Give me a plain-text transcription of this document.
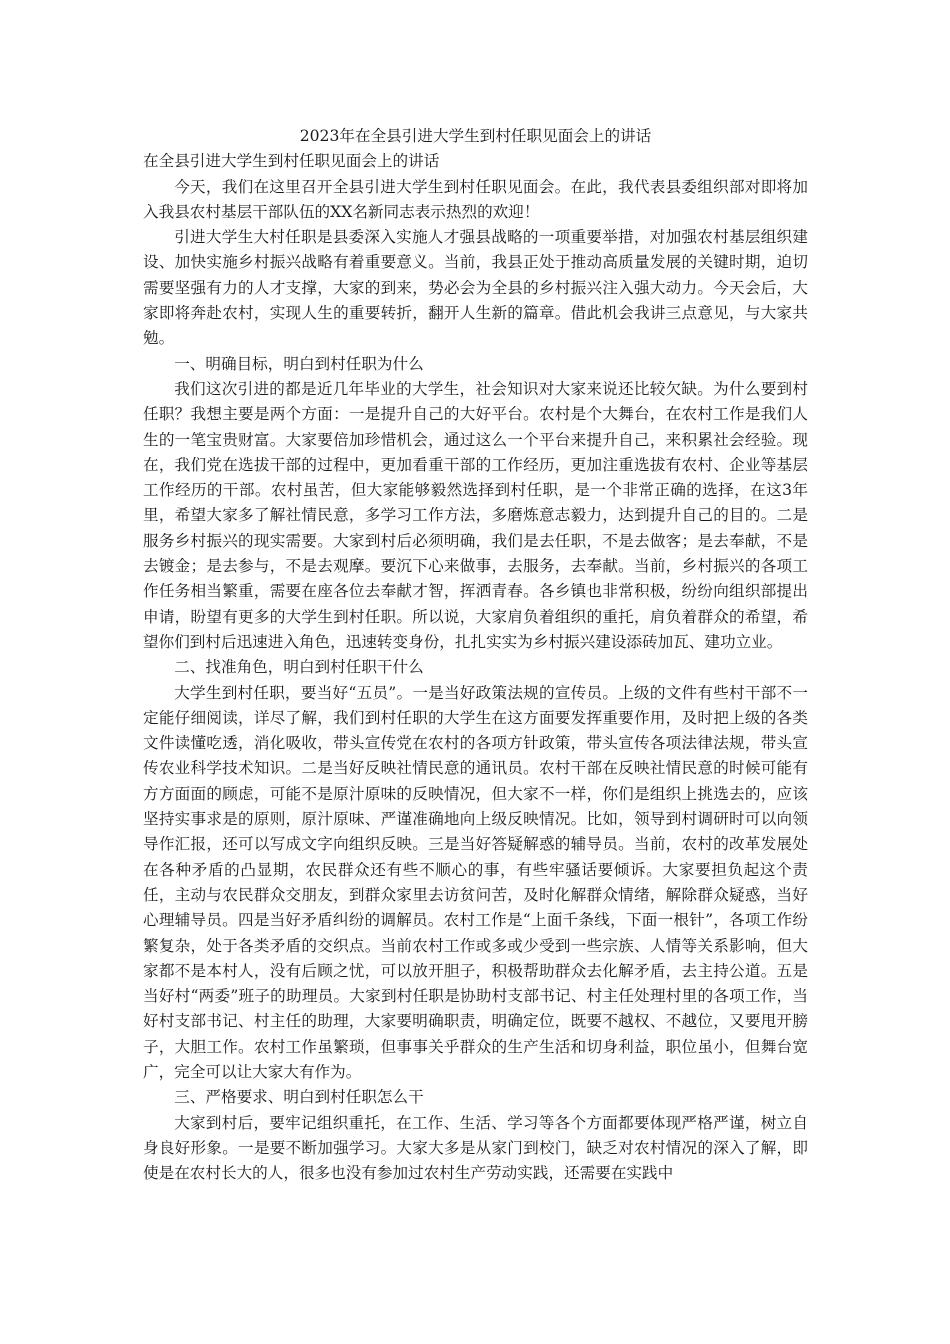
2023年在全县引进大学生到村任职见面会上的讲话
在全县引进大学生到村任职见面会上的讲话

今天，我们在这里召开全县引进大学生到村任职见面会。在此，我代表县委组织部对即将加入我县农村基层干部队伍的XX名新同志表示热烈的欢迎！

引进大学生大村任职是县委深入实施人才强县战略的一项重要举措，对加强农村基层组织建设、加快实施乡村振兴战略有着重要意义。当前，我县正处于推动高质量发展的关键时期，迫切需要坚强有力的人才支撑，大家的到来，势必会为全县的乡村振兴注入强大动力。今天会后，大家即将奔赴农村，实现人生的重要转折，翻开人生新的篇章。借此机会我讲三点意见，与大家共勉。

一、明确目标，明白到村任职为什么

我们这次引进的都是近几年毕业的大学生，社会知识对大家来说还比较欠缺。为什么要到村任职？我想主要是两个方面：一是提升自己的大好平台。农村是个大舞台，在农村工作是我们人生的一笔宝贵财富。大家要倍加珍惜机会，通过这么一个平台来提升自己，来积累社会经验。现在，我们党在选拔干部的过程中，更加看重干部的工作经历，更加注重选拔有农村、企业等基层工作经历的干部。农村虽苦，但大家能够毅然选择到村任职，是一个非常正确的选择，在这3年里，希望大家多了解社情民意，多学习工作方法，多磨炼意志毅力，达到提升自己的目的。二是服务乡村振兴的现实需要。大家到村后必须明确，我们是去任职，不是去做客；是去奉献，不是去镀金；是去参与，不是去观摩。要沉下心来做事，去服务，去奉献。当前，乡村振兴的各项工作任务相当繁重，需要在座各位去奉献才智，挥洒青春。各乡镇也非常积极，纷纷向组织部提出申请，盼望有更多的大学生到村任职。所以说，大家肩负着组织的重托，肩负着群众的希望，希望你们到村后迅速进入角色，迅速转变身份，扎扎实实为乡村振兴建设添砖加瓦、建功立业。

二、找准角色，明白到村任职干什么

大学生到村任职，要当好“五员”。一是当好政策法规的宣传员。上级的文件有些村干部不一定能仔细阅读，详尽了解，我们到村任职的大学生在这方面要发挥重要作用，及时把上级的各类文件读懂吃透，消化吸收，带头宣传党在农村的各项方针政策，带头宣传各项法律法规，带头宣传农业科学技术知识。二是当好反映社情民意的通讯员。农村干部在反映社情民意的时候可能有方方面面的顾虑，可能不是原汁原味的反映情况，但大家不一样，你们是组织上挑选去的，应该坚持实事求是的原则，原汁原味、严谨准确地向上级反映情况。比如，领导到村调研时可以向领导作汇报，还可以写成文字向组织反映。三是当好答疑解惑的辅导员。当前，农村的改革发展处在各种矛盾的凸显期，农民群众还有些不顺心的事，有些牢骚话要倾诉。大家要担负起这个责任，主动与农民群众交朋友，到群众家里去访贫问苦，及时化解群众情绪，解除群众疑惑，当好心理辅导员。四是当好矛盾纠纷的调解员。农村工作是“上面千条线，下面一根针”，各项工作纷繁复杂，处于各类矛盾的交织点。当前农村工作或多或少受到一些宗族、人情等关系影响，但大家都不是本村人，没有后顾之忧，可以放开胆子，积极帮助群众去化解矛盾，去主持公道。五是当好村“两委”班子的助理员。大家到村任职是协助村支部书记、村主任处理村里的各项工作，当好村支部书记、村主任的助理，大家要明确职责，明确定位，既要不越权、不越位，又要甩开膀子，大胆工作。农村工作虽繁琐，但事事关乎群众的生产生活和切身利益，职位虽小，但舞台宽广，完全可以让大家大有作为。

三、严格要求、明白到村任职怎么干

大家到村后，要牢记组织重托，在工作、生活、学习等各个方面都要体现严格严谨，树立自身良好形象。一是要不断加强学习。大家大多是从家门到校门，缺乏对农村情况的深入了解，即使是在农村长大的人，很多也没有参加过农村生产劳动实践，还需要在实践中
